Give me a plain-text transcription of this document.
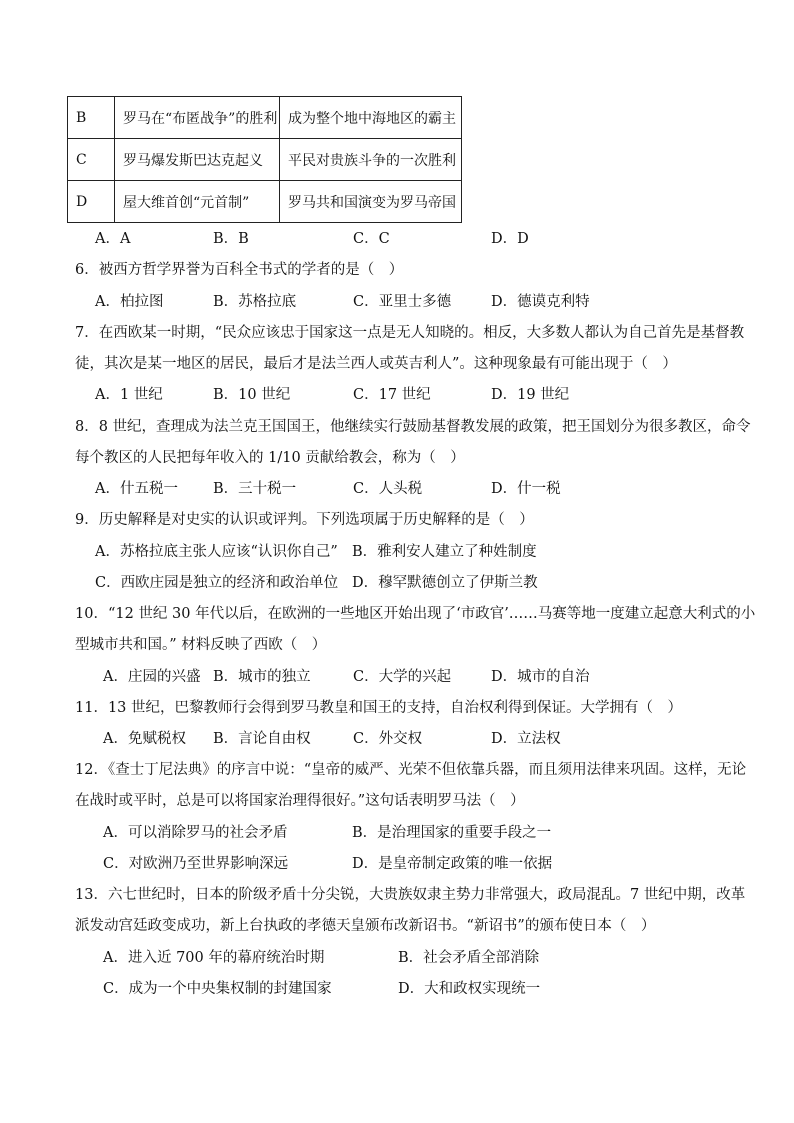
B	罗马在“布匿战争”的胜利	成为整个地中海地区的霸主
C	罗马爆发斯巴达克起义	平民对贵族斗争的一次胜利
D	屋大维首创“元首制”	罗马共和国演变为罗马帝国
A．A	B．B	C．C	D．D
6．被西方哲学界誉为百科全书式的学者的是（　）
A．柏拉图	B．苏格拉底	C．亚里士多德	D．德谟克利特
7．在西欧某一时期，“民众应该忠于国家这一点是无人知晓的。相反，大多数人都认为自己首先是基督教
徒，其次是某一地区的居民，最后才是法兰西人或英吉利人”。这种现象最有可能出现于（　）
A．1 世纪	B．10 世纪	C．17 世纪	D．19 世纪
8．8 世纪，查理成为法兰克王国国王，他继续实行鼓励基督教发展的政策，把王国划分为很多教区，命令
每个教区的人民把每年收入的 1/10 贡献给教会，称为（　）
A．什五税一 B．三十税一	C．人头税	D．什一税
9．历史解释是对史实的认识或评判。下列选项属于历史解释的是（　）
A．苏格拉底主张人应该“认识你自己” B．雅利安人建立了种姓制度
C．西欧庄园是独立的经济和政治单位 D．穆罕默德创立了伊斯兰教
10．“12 世纪 30 年代以后，在欧洲的一些地区开始出现了‘市政官’……马赛等地一度建立起意大利式的小
型城市共和国。” 材料反映了西欧（　）
A．庄园的兴盛 B．城市的独立	C．大学的兴起	D．城市的自治
11．13 世纪，巴黎教师行会得到罗马教皇和国王的支持，自治权利得到保证。大学拥有（　）
A．免赋税权 B．言论自由权	C．外交权	D．立法权
12．《查士丁尼法典》的序言中说：“皇帝的威严、光荣不但依靠兵器，而且须用法律来巩固。这样，无论
在战时或平时，总是可以将国家治理得很好。”这句话表明罗马法（　）
A．可以消除罗马的社会矛盾	B．是治理国家的重要手段之一
C．对欧洲乃至世界影响深远	D．是皇帝制定政策的唯一依据
13．六七世纪时，日本的阶级矛盾十分尖锐，大贵族奴隶主势力非常强大，政局混乱。7 世纪中期，改革
派发动宫廷政变成功，新上台执政的孝德天皇颁布改新诏书。“新诏书”的颁布使日本（　）
A．进入近 700 年的幕府统治时期	B．社会矛盾全部消除
C．成为一个中央集权制的封建国家	D．大和政权实现统一
